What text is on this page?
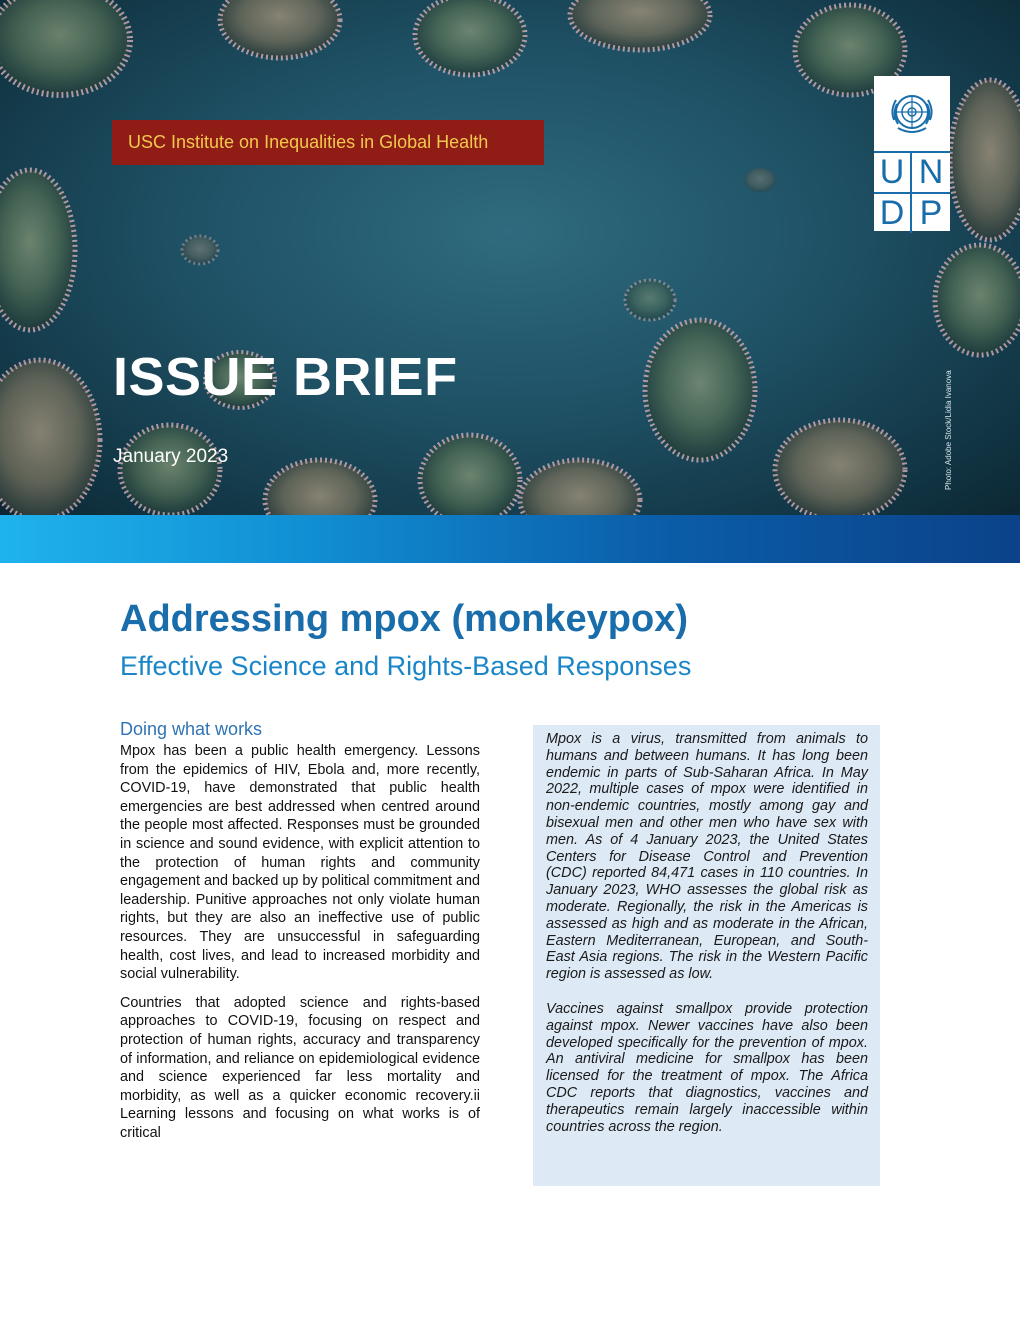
USC Institute on Inequalities in Global Health
U N
D P
ISSUE BRIEF
January 2023	Photo: Adobe Stock/Lidia Ivanova
Addressing mpox (monkeypox)
Effective Science and Rights-Based Responses
Doing what works

Mpox has been a public health emergency. Lessons from the epidemics of HIV, Ebola and, more recently, COVID-19, have demonstrated that public health emergencies are best addressed when centred around the people most affected. Responses must be grounded in science and sound evidence, with explicit attention to the protection of human rights and community engagement and backed up by political commitment and leadership. Punitive approaches not only violate human rights, but they are also an ineffective use of public resources. They are unsuccessful in safeguarding health, cost lives, and lead to increased morbidity and social vulnerability.

Countries that adopted science and rights-based approaches to COVID-19, focusing on respect and protection of human rights, accuracy and transparency of information, and reliance on epidemiological evidence and science experienced far less mortality and morbidity, as well as a quicker economic recovery.ii Learning lessons and focusing on what works is of critical

Mpox is a virus, transmitted from animals to humans and between humans. It has long been endemic in parts of Sub-Saharan Africa. In May 2022, multiple cases of mpox were identified in non-endemic countries, mostly among gay and bisexual men and other men who have sex with men. As of 4 January 2023, the United States Centers for Disease Control and Prevention (CDC) reported 84,471 cases in 110 countries. In January 2023, WHO assesses the global risk as moderate. Regionally, the risk in the Americas is assessed as high and as moderate in the African, Eastern Mediterranean, European, and South-East Asia regions. The risk in the Western Pacific region is assessed as low.

Vaccines against smallpox provide protection against mpox. Newer vaccines have also been developed specifically for the prevention of mpox. An antiviral medicine for smallpox has been licensed for the treatment of mpox. The Africa CDC reports that diagnostics, vaccines and therapeutics remain largely inaccessible within countries across the region.
